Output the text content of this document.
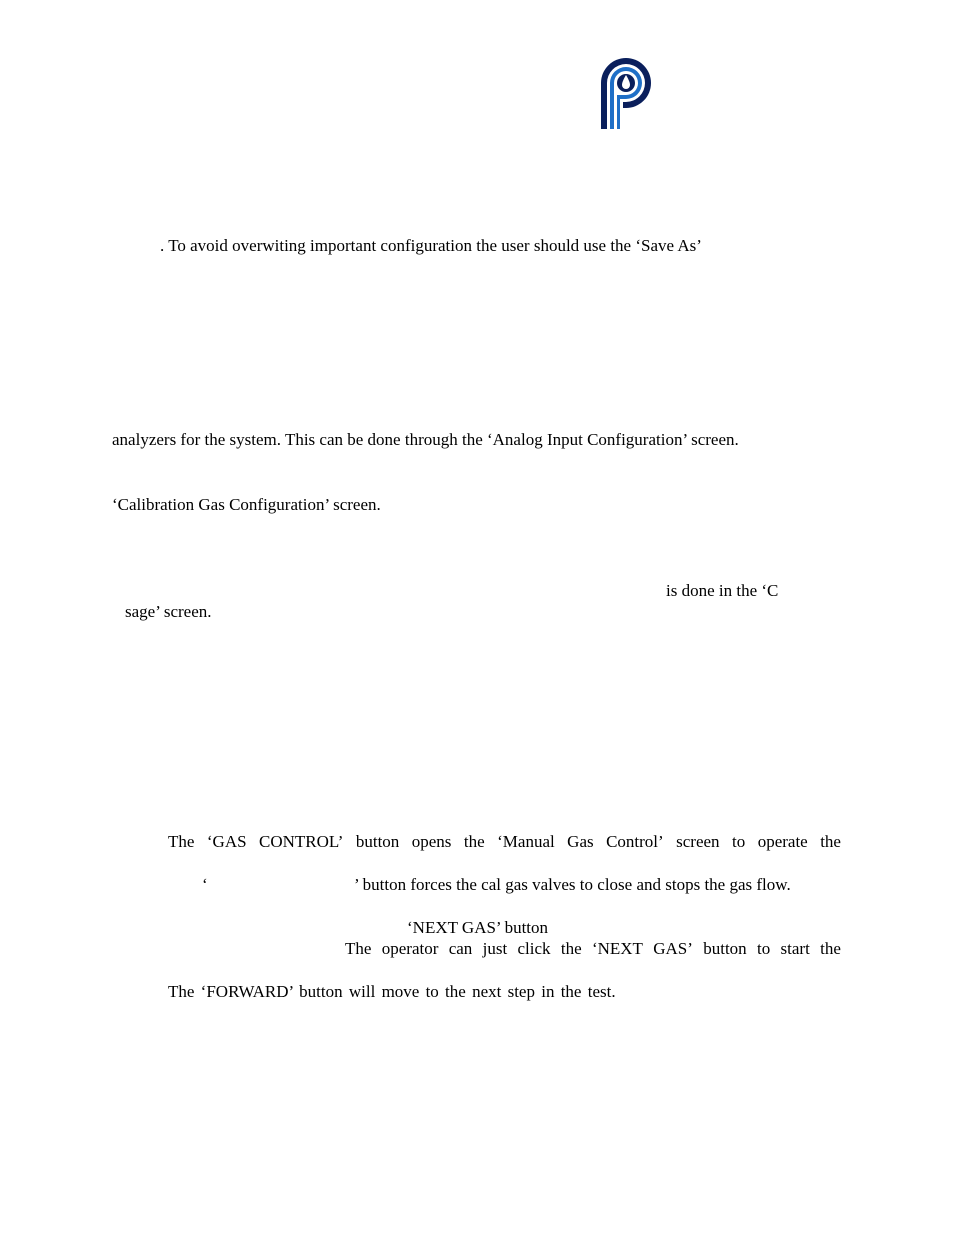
. To avoid overwiting important configuration the user should use the ‘Save As’
analyzers for the system. This can be done through the ‘Analog Input Configuration’ screen.
‘Calibration Gas Configuration’ screen.
is done in the ‘C
sage’ screen.
The ‘GAS CONTROL’ button opens the ‘Manual Gas Control’ screen to operate the
‘	’ button forces the cal gas valves to close and stops the gas flow.
‘NEXT GAS’ button
The operator can just click the ‘NEXT GAS’ button to start the
The ‘FORWARD’ button will move to the next step in the test.
